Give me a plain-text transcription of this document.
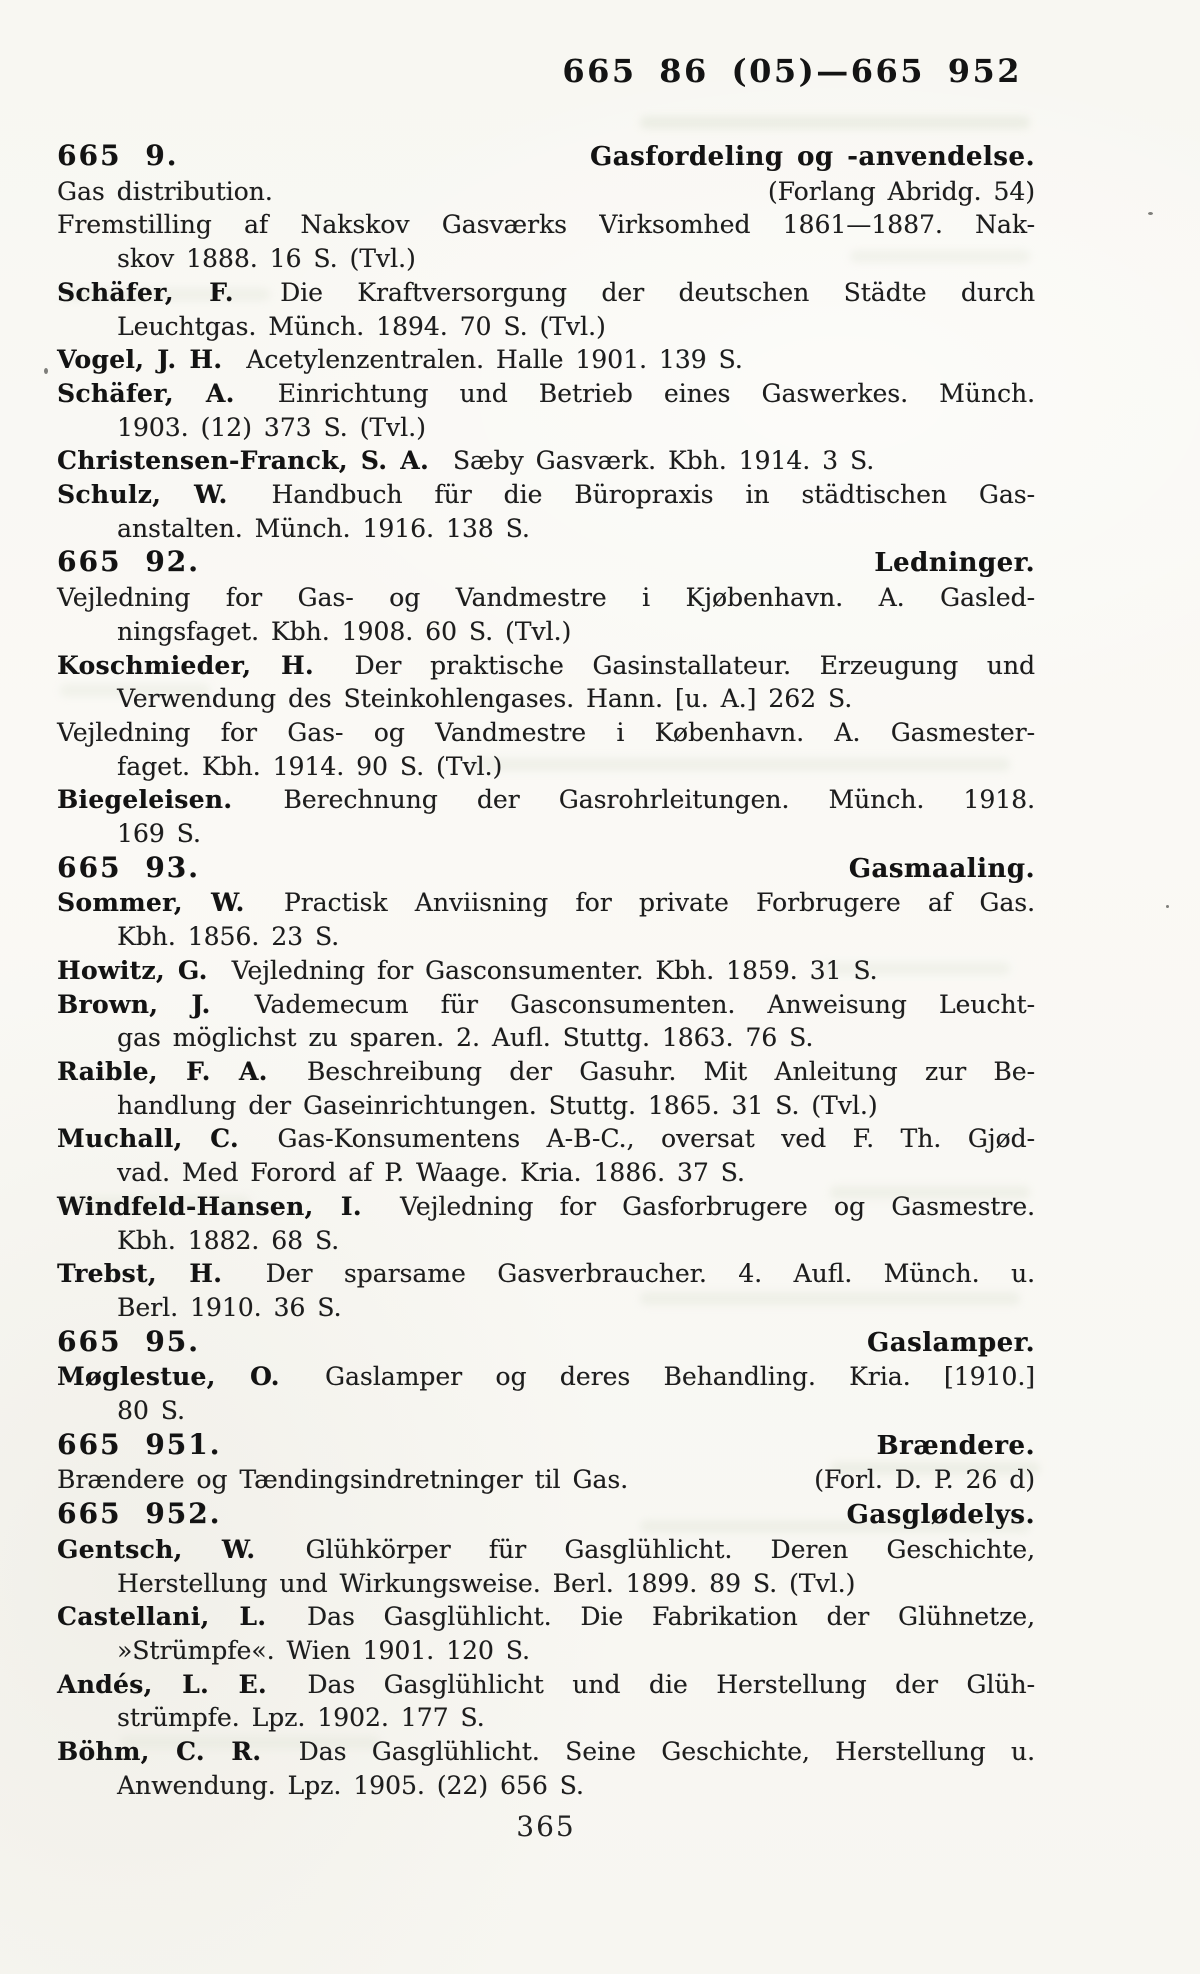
665 86 (05)—665 952
665 9.	Gasfordeling og -anvendelse.
Gas distribution.	(Forlang Abridg. 54)
Fremstilling af Nakskov Gasværks Virksomhed 1861—1887. Nak-
skov 1888. 16 S. (Tvl.)
Schäfer, F. Die Kraftversorgung der deutschen Städte durch
Leuchtgas. Münch. 1894. 70 S. (Tvl.)
Vogel, J. H. Acetylenzentralen. Halle 1901. 139 S.
Schäfer, A. Einrichtung und Betrieb eines Gaswerkes. Münch.
1903. (12) 373 S. (Tvl.)
Christensen-Franck, S. A. Sæby Gasværk. Kbh. 1914. 3 S.
Schulz, W. Handbuch für die Büropraxis in städtischen Gas-
anstalten. Münch. 1916. 138 S.
665 92.	Ledninger.
Vejledning for Gas- og Vandmestre i Kjøbenhavn. A. Gasled-
ningsfaget. Kbh. 1908. 60 S. (Tvl.)
Koschmieder, H. Der praktische Gasinstallateur. Erzeugung und
Verwendung des Steinkohlengases. Hann. [u. A.] 262 S.
Vejledning for Gas- og Vandmestre i København. A. Gasmester-
faget. Kbh. 1914. 90 S. (Tvl.)
Biegeleisen. Berechnung der Gasrohrleitungen. Münch. 1918.
169 S.
665 93.	Gasmaaling.
Sommer, W. Practisk Anviisning for private Forbrugere af Gas.
Kbh. 1856. 23 S.
Howitz, G. Vejledning for Gasconsumenter. Kbh. 1859. 31 S.
Brown, J. Vademecum für Gasconsumenten. Anweisung Leucht-
gas möglichst zu sparen. 2. Aufl. Stuttg. 1863. 76 S.
Raible, F. A. Beschreibung der Gasuhr. Mit Anleitung zur Be-
handlung der Gaseinrichtungen. Stuttg. 1865. 31 S. (Tvl.)
Muchall, C. Gas-Konsumentens A-B-C., oversat ved F. Th. Gjød-
vad. Med Forord af P. Waage. Kria. 1886. 37 S.
Windfeld-Hansen, I. Vejledning for Gasforbrugere og Gasmestre.
Kbh. 1882. 68 S.
Trebst, H. Der sparsame Gasverbraucher. 4. Aufl. Münch. u.
Berl. 1910. 36 S.
665 95.	Gaslamper.
Møglestue, O. Gaslamper og deres Behandling. Kria. [1910.]
80 S.
665 951.	Brændere.
Brændere og Tændingsindretninger til Gas.	(Forl. D. P. 26 d)
665 952.	Gasglødelys.
Gentsch, W. Glühkörper für Gasglühlicht. Deren Geschichte,
Herstellung und Wirkungsweise. Berl. 1899. 89 S. (Tvl.)
Castellani, L. Das Gasglühlicht. Die Fabrikation der Glühnetze,
»Strümpfe«. Wien 1901. 120 S.
Andés, L. E. Das Gasglühlicht und die Herstellung der Glüh-
strümpfe. Lpz. 1902. 177 S.
Böhm, C. R. Das Gasglühlicht. Seine Geschichte, Herstellung u.
Anwendung. Lpz. 1905. (22) 656 S.
365
